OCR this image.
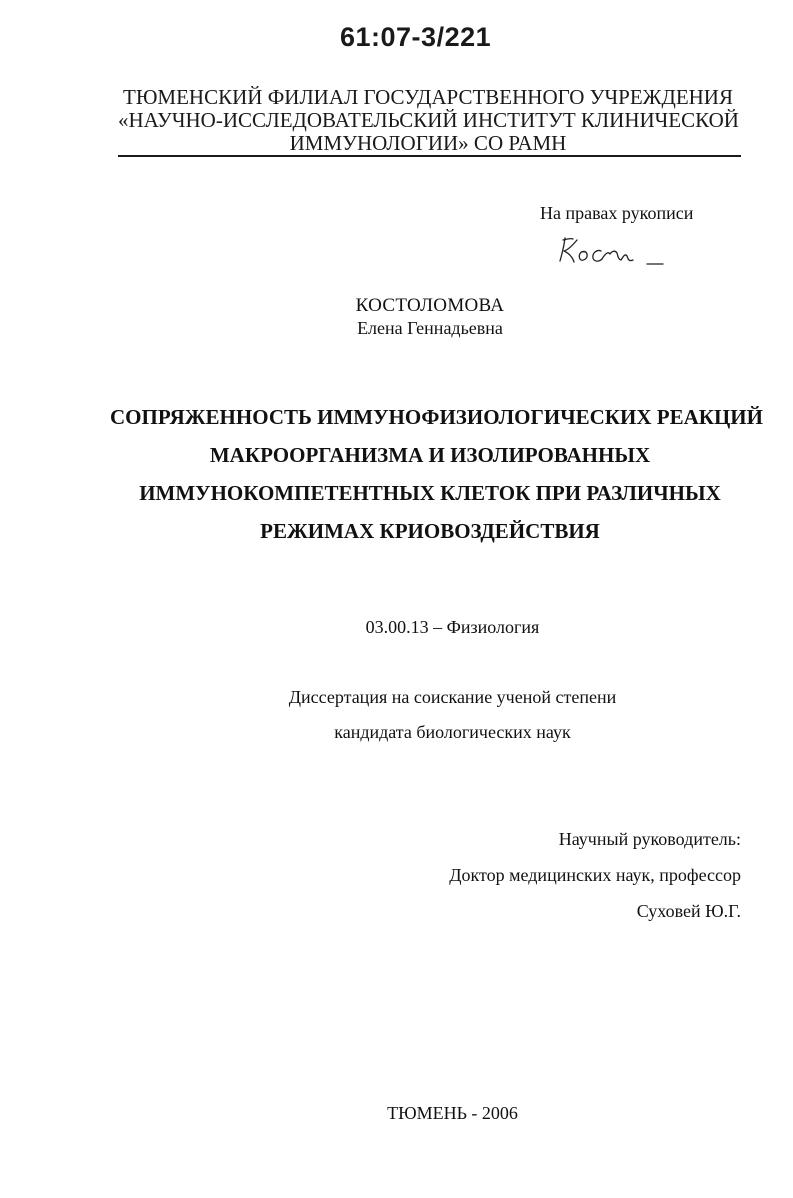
61:07-3/221
ТЮМЕНСКИЙ ФИЛИАЛ ГОСУДАРСТВЕННОГО УЧРЕЖДЕНИЯ
«НАУЧНО-ИССЛЕДОВАТЕЛЬСКИЙ ИНСТИТУТ КЛИНИЧЕСКОЙ
ИММУНОЛОГИИ» СО РАМН
На правах рукописи
КОСТОЛОМОВА
Елена Геннадьевна
СОПРЯЖЕННОСТЬ ИММУНОФИЗИОЛОГИЧЕСКИХ РЕАКЦИЙ
МАКРООРГАНИЗМА И ИЗОЛИРОВАННЫХ
ИММУНОКОМПЕТЕНТНЫХ КЛЕТОК ПРИ РАЗЛИЧНЫХ
РЕЖИМАХ КРИОВОЗДЕЙСТВИЯ
03.00.13 – Физиология
Диссертация на соискание ученой степени
кандидата биологических наук
Научный руководитель:
Доктор медицинских наук, профессор
Суховей Ю.Г.
ТЮМЕНЬ - 2006
